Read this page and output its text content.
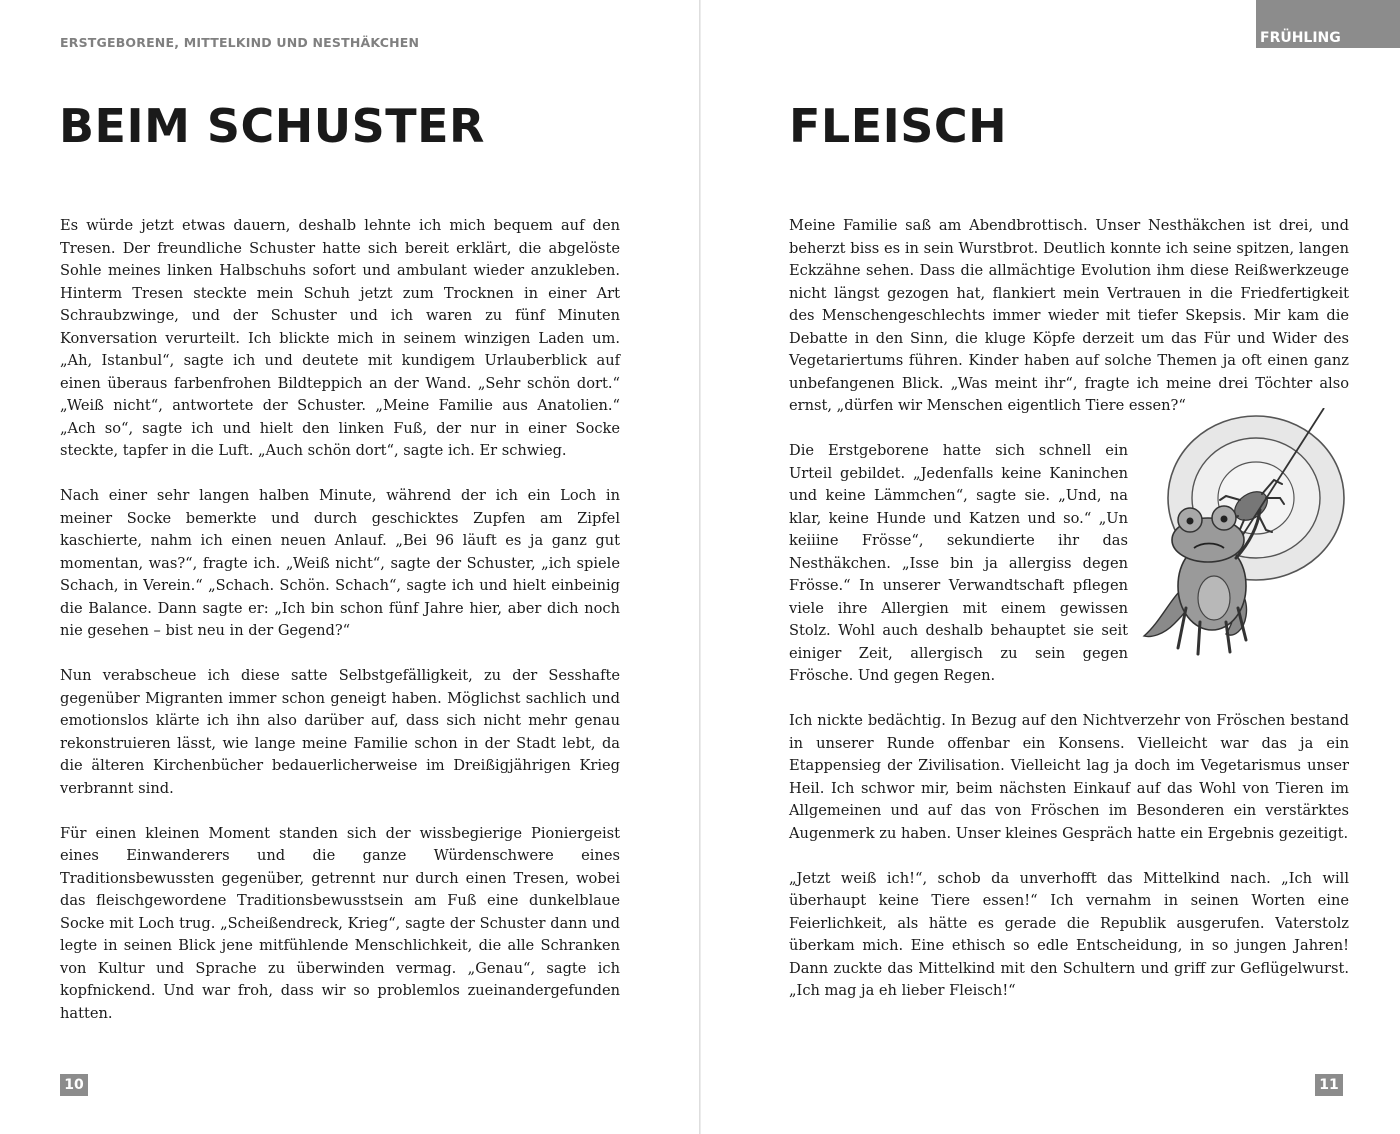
ERSTGEBORENE, MITTELKIND UND NESTHÄKCHEN
BEIM SCHUSTER

Es würde jetzt etwas dauern, deshalb lehnte ich mich bequem auf den Tresen. Der freundliche Schuster hatte sich bereit erklärt, die abgelöste Sohle meines linken Halbschuhs sofort und ambulant wieder anzukleben. Hinterm Tresen steckte mein Schuh jetzt zum Trocknen in einer Art Schraubzwinge, und der Schuster und ich waren zu fünf Minuten Konversation verurteilt. Ich blickte mich in seinem winzigen Laden um. „Ah, Istanbul“, sagte ich und deutete mit kundigem Urlauberblick auf einen überaus farbenfrohen Bildteppich an der Wand. „Sehr schön dort.“ „Weiß nicht“, antwortete der Schuster. „Meine Familie aus Anatolien.“ „Ach so“, sagte ich und hielt den linken Fuß, der nur in einer Socke steckte, tapfer in die Luft. „Auch schön dort“, sagte ich. Er schwieg.

Nach einer sehr langen halben Minute, während der ich ein Loch in meiner Socke bemerkte und durch geschicktes Zupfen am Zipfel kaschierte, nahm ich einen neuen Anlauf. „Bei 96 läuft es ja ganz gut momentan, was?“, fragte ich. „Weiß nicht“, sagte der Schuster, „ich spiele Schach, in Verein.“ „Schach. Schön. Schach“, sagte ich und hielt einbeinig die Balance. Dann sagte er: „Ich bin schon fünf Jahre hier, aber dich noch nie gesehen – bist neu in der Gegend?“

Nun verabscheue ich diese satte Selbstgefälligkeit, zu der Sesshafte gegenüber Migranten immer schon geneigt haben. Möglichst sachlich und emotionslos klärte ich ihn also darüber auf, dass sich nicht mehr genau rekonstruieren lässt, wie lange meine Familie schon in der Stadt lebt, da die älteren Kirchenbücher bedauerlicherweise im Dreißigjährigen Krieg verbrannt sind.

Für einen kleinen Moment standen sich der wissbegierige Pioniergeist eines Einwanderers und die ganze Würdenschwere eines Traditionsbewussten gegenüber, getrennt nur durch einen Tresen, wobei das fleischgewordene Traditionsbewusstsein am Fuß eine dunkelblaue Socke mit Loch trug. „Scheißendreck, Krieg“, sagte der Schuster dann und legte in seinen Blick jene mitfühlende Menschlichkeit, die alle Schranken von Kultur und Sprache zu überwinden vermag. „Genau“, sagte ich kopfnickend. Und war froh, dass wir so problemlos zueinandergefunden hatten.

10
FRÜHLING
FLEISCH

Meine Familie saß am Abendbrottisch. Unser Nesthäkchen ist drei, und beherzt biss es in sein Wurstbrot. Deutlich konnte ich seine spitzen, langen Eckzähne sehen. Dass die allmächtige Evolution ihm diese Reißwerkzeuge nicht längst gezogen hat, flankiert mein Vertrauen in die Friedfertigkeit des Menschengeschlechts immer wieder mit tiefer Skepsis. Mir kam die Debatte in den Sinn, die kluge Köpfe derzeit um das Für und Wider des Vegetariertums führen. Kinder haben auf solche Themen ja oft einen ganz unbefangenen Blick. „Was meint ihr“, fragte ich meine drei Töchter also ernst, „dürfen wir Menschen eigentlich Tiere essen?“

Die Erstgeborene hatte sich schnell ein Urteil gebildet. „Jedenfalls keine Kaninchen und keine Lämmchen“, sagte sie. „Und, na klar, keine Hunde und Katzen und so.“ „Un keiiine Frösse“, sekundierte ihr das Nesthäkchen. „Isse bin ja allergiss degen Frösse.“ In unserer Verwandtschaft pflegen viele ihre Allergien mit einem gewissen Stolz. Wohl auch deshalb behauptet sie seit einiger Zeit, allergisch zu sein gegen Frösche. Und gegen Regen.

Ich nickte bedächtig. In Bezug auf den Nichtverzehr von Fröschen bestand in unserer Runde offenbar ein Konsens. Vielleicht war das ja ein Etappensieg der Zivilisation. Vielleicht lag ja doch im Vegetarismus unser Heil. Ich schwor mir, beim nächsten Einkauf auf das Wohl von Tieren im Allgemeinen und auf das von Fröschen im Besonderen ein verstärktes Augenmerk zu haben. Unser kleines Gespräch hatte ein Ergebnis gezeitigt.

„Jetzt weiß ich!“, schob da unverhofft das Mittelkind nach. „Ich will überhaupt keine Tiere essen!“ Ich vernahm in seinen Worten eine Feierlichkeit, als hätte es gerade die Republik ausgerufen. Vaterstolz überkam mich. Eine ethisch so edle Entscheidung, in so jungen Jahren! Dann zuckte das Mittelkind mit den Schultern und griff zur Geflügelwurst. „Ich mag ja eh lieber Fleisch!“

11
